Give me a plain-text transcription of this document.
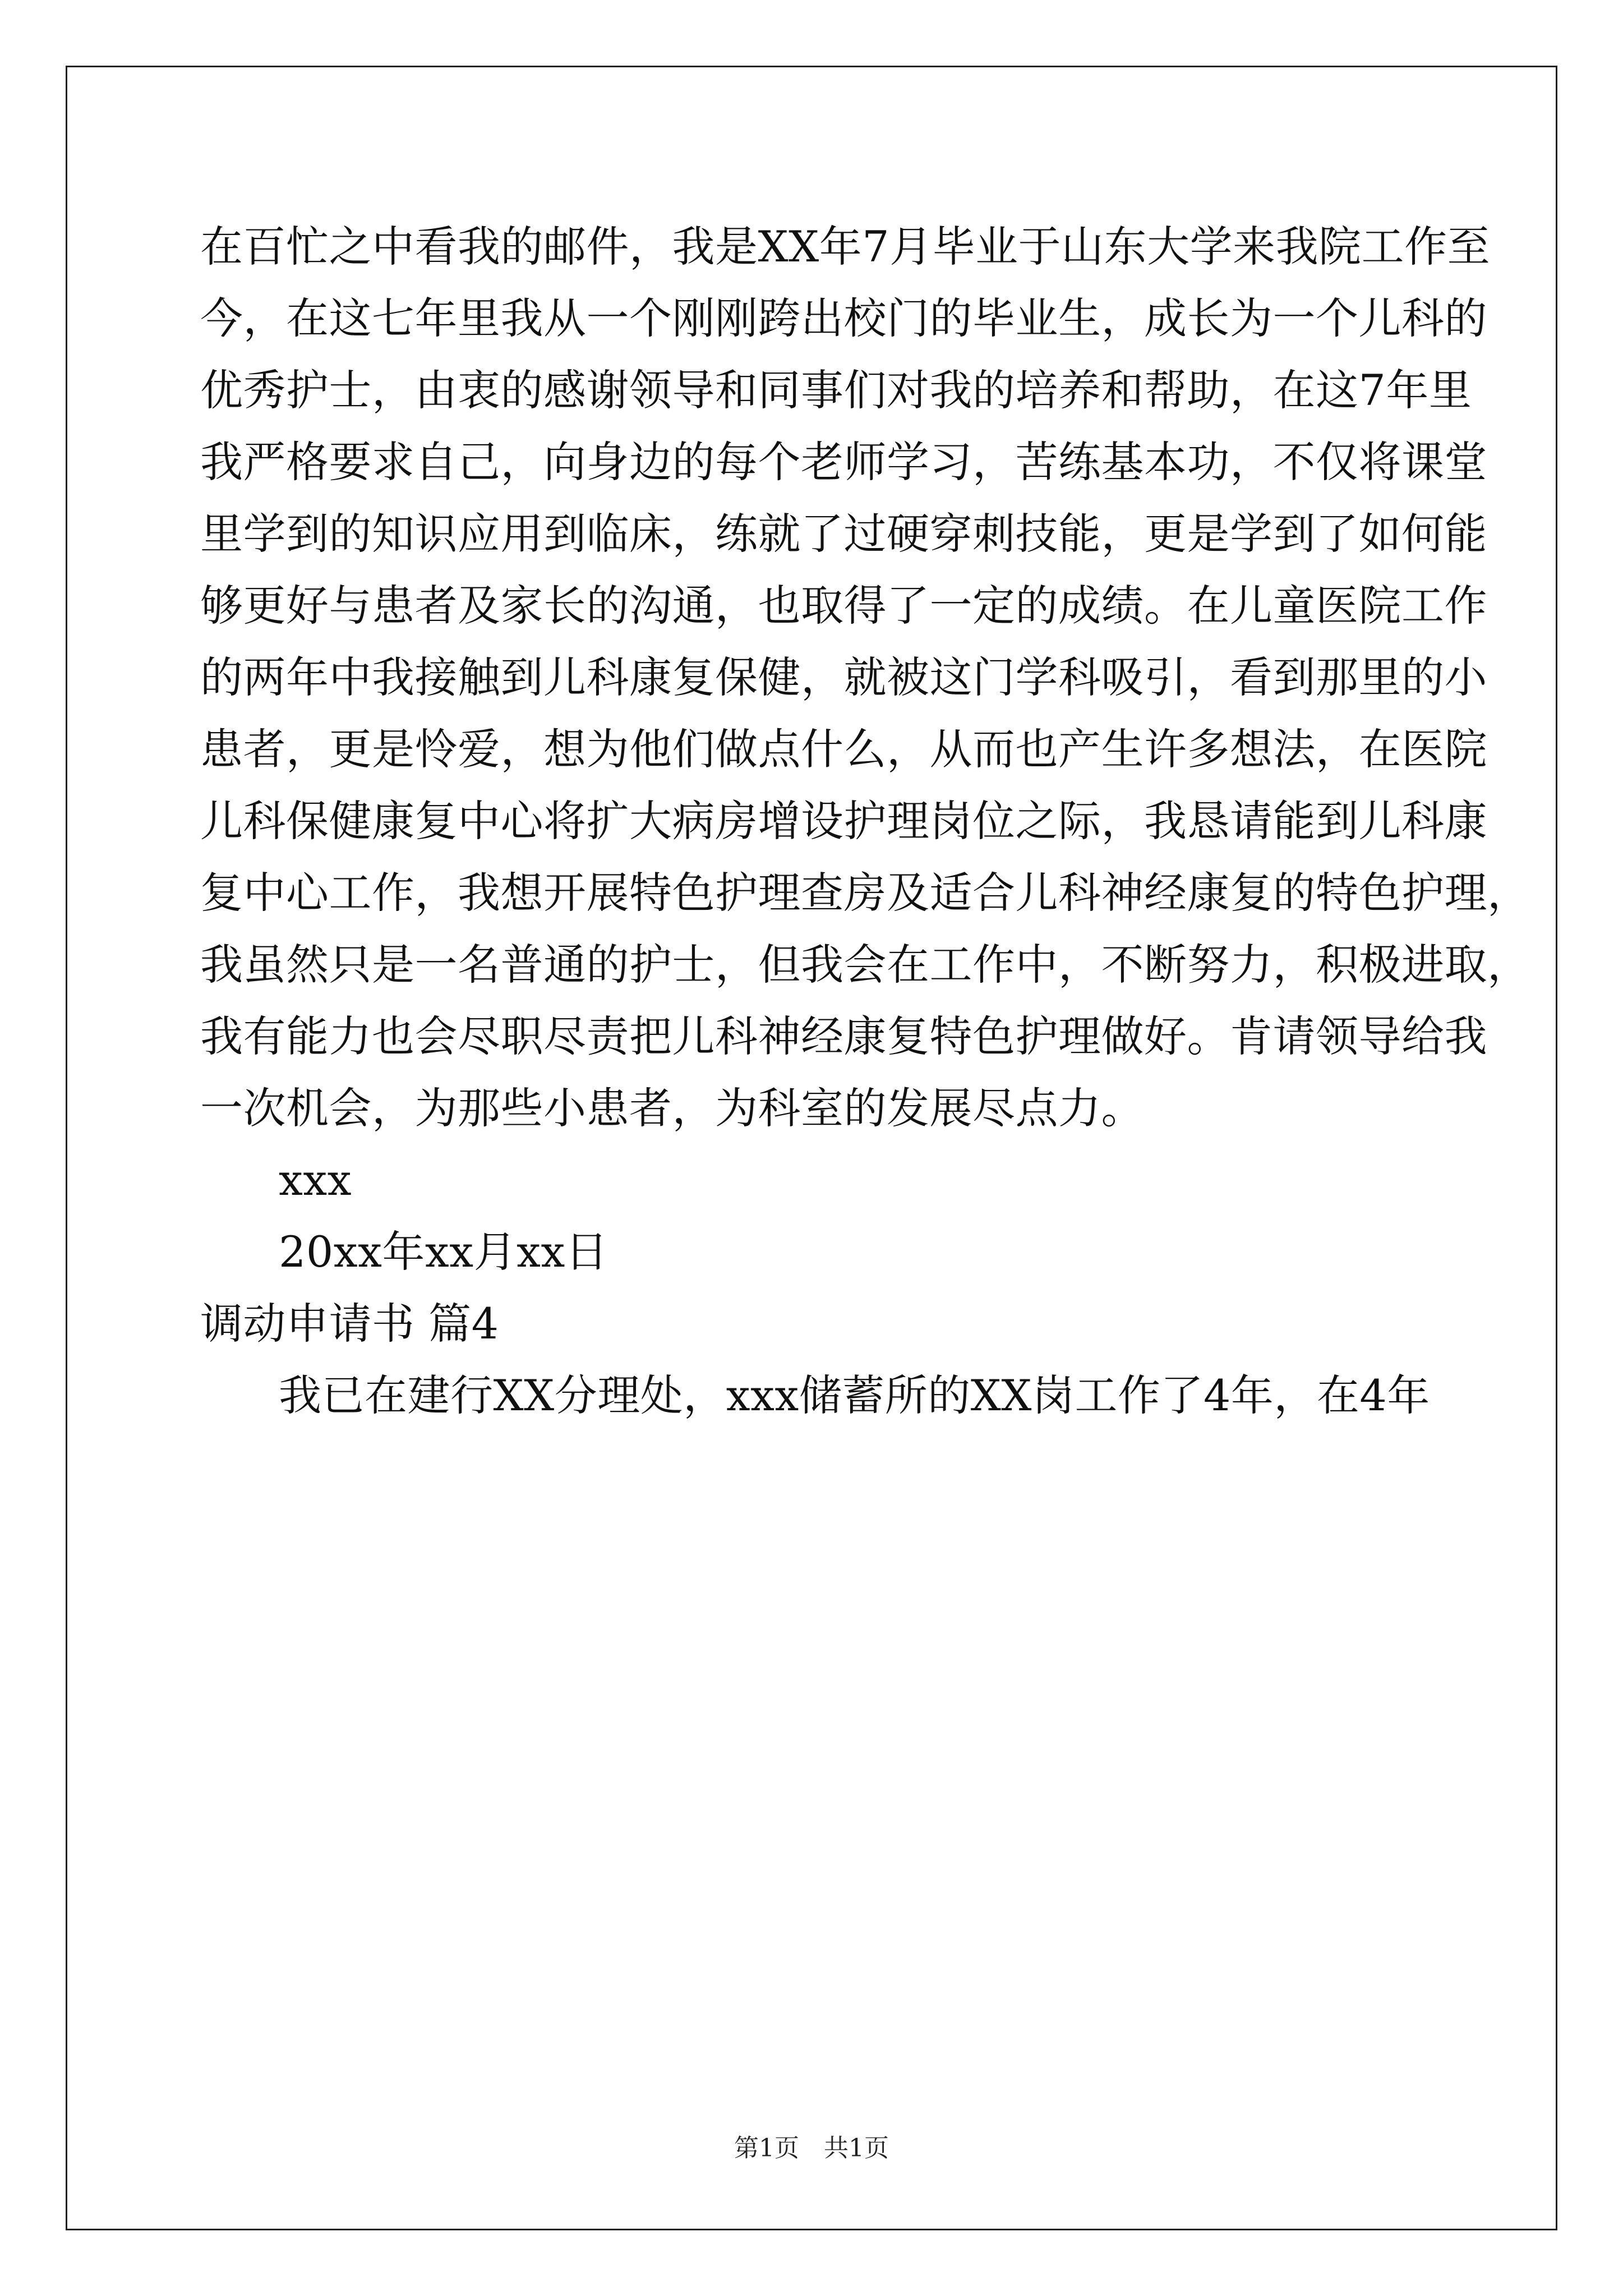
在百忙之中看我的邮件，我是XX年7月毕业于山东大学来我院工作至
今，在这七年里我从一个刚刚跨出校门的毕业生，成长为一个儿科的
优秀护士，由衷的感谢领导和同事们对我的培养和帮助，在这7年里
我严格要求自己，向身边的每个老师学习，苦练基本功，不仅将课堂
里学到的知识应用到临床，练就了过硬穿刺技能，更是学到了如何能
够更好与患者及家长的沟通，也取得了一定的成绩。在儿童医院工作
的两年中我接触到儿科康复保健，就被这门学科吸引，看到那里的小
患者，更是怜爱，想为他们做点什么，从而也产生许多想法，在医院
儿科保健康复中心将扩大病房增设护理岗位之际，我恳请能到儿科康
复中心工作，我想开展特色护理查房及适合儿科神经康复的特色护理，
我虽然只是一名普通的护士，但我会在工作中，不断努力，积极进取，
我有能力也会尽职尽责把儿科神经康复特色护理做好。肯请领导给我
一次机会，为那些小患者，为科室的发展尽点力。
xxx
20xx年xx月xx日
调动申请书 篇4
我已在建行XX分理处，xxx储蓄所的XX岗工作了4年，在4年
第1页　共1页
